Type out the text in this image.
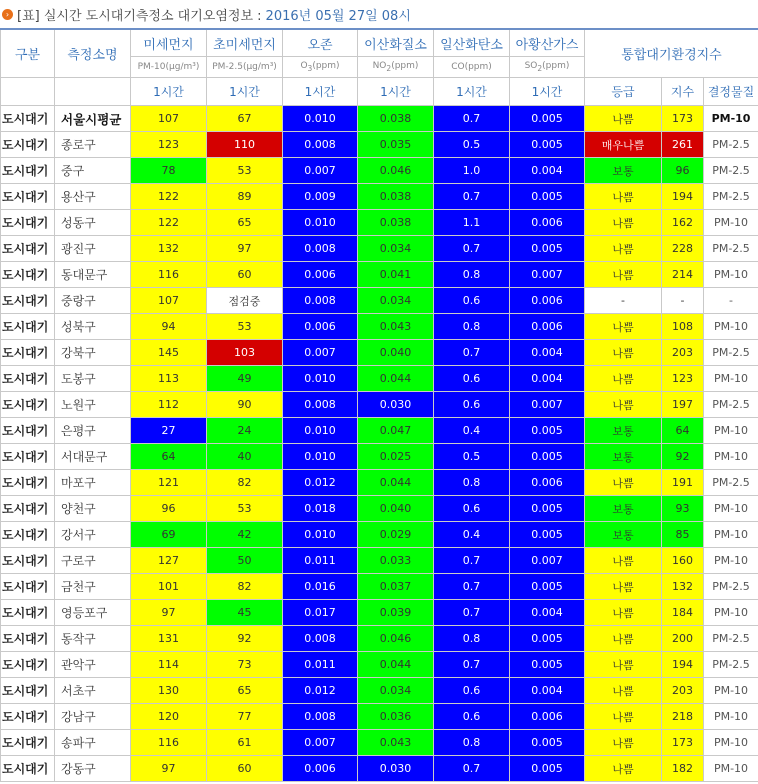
› [표] 실시간 도시대기측정소 대기오염정보 : 2016년 05월 27일 08시
구분	측정소명	미세먼지	초미세먼지	오존	이산화질소	일산화탄소	아황산가스	통합대기환경지수		
		PM-10(μg/m³)	PM-2.5(μg/m³)	$O_3(ppm)$	$NO_2(ppm)$	CO(ppm)	$SO_2(ppm)$			
		1시간	1시간	1시간	1시간	1시간	1시간	등급	지수	결정물질
도시대기	서울시평균	107	67	0.010	0.038	0.7	0.005	나쁨	173	PM-10
도시대기	종로구	123	110	0.008	0.035	0.5	0.005	매우나쁨	261	PM-2.5
도시대기	중구	78	53	0.007	0.046	1.0	0.004	보통	96	PM-2.5
도시대기	용산구	122	89	0.009	0.038	0.7	0.005	나쁨	194	PM-2.5
도시대기	성동구	122	65	0.010	0.038	1.1	0.006	나쁨	162	PM-10
도시대기	광진구	132	97	0.008	0.034	0.7	0.005	나쁨	228	PM-2.5
도시대기	동대문구	116	60	0.006	0.041	0.8	0.007	나쁨	214	PM-10
도시대기	중랑구	107	점검중	0.008	0.034	0.6	0.006	-	-	-
도시대기	성북구	94	53	0.006	0.043	0.8	0.006	나쁨	108	PM-10
도시대기	강북구	145	103	0.007	0.040	0.7	0.004	나쁨	203	PM-2.5
도시대기	도봉구	113	49	0.010	0.044	0.6	0.004	나쁨	123	PM-10
도시대기	노원구	112	90	0.008	0.030	0.6	0.007	나쁨	197	PM-2.5
도시대기	은평구	27	24	0.010	0.047	0.4	0.005	보통	64	PM-10
도시대기	서대문구	64	40	0.010	0.025	0.5	0.005	보통	92	PM-10
도시대기	마포구	121	82	0.012	0.044	0.8	0.006	나쁨	191	PM-2.5
도시대기	양천구	96	53	0.018	0.040	0.6	0.005	보통	93	PM-10
도시대기	강서구	69	42	0.010	0.029	0.4	0.005	보통	85	PM-10
도시대기	구로구	127	50	0.011	0.033	0.7	0.007	나쁨	160	PM-10
도시대기	금천구	101	82	0.016	0.037	0.7	0.005	나쁨	132	PM-2.5
도시대기	영등포구	97	45	0.017	0.039	0.7	0.004	나쁨	184	PM-10
도시대기	동작구	131	92	0.008	0.046	0.8	0.005	나쁨	200	PM-2.5
도시대기	관악구	114	73	0.011	0.044	0.7	0.005	나쁨	194	PM-2.5
도시대기	서초구	130	65	0.012	0.034	0.6	0.004	나쁨	203	PM-10
도시대기	강남구	120	77	0.008	0.036	0.6	0.006	나쁨	218	PM-10
도시대기	송파구	116	61	0.007	0.043	0.8	0.005	나쁨	173	PM-10
도시대기	강동구	97	60	0.006	0.030	0.7	0.005	나쁨	182	PM-10
